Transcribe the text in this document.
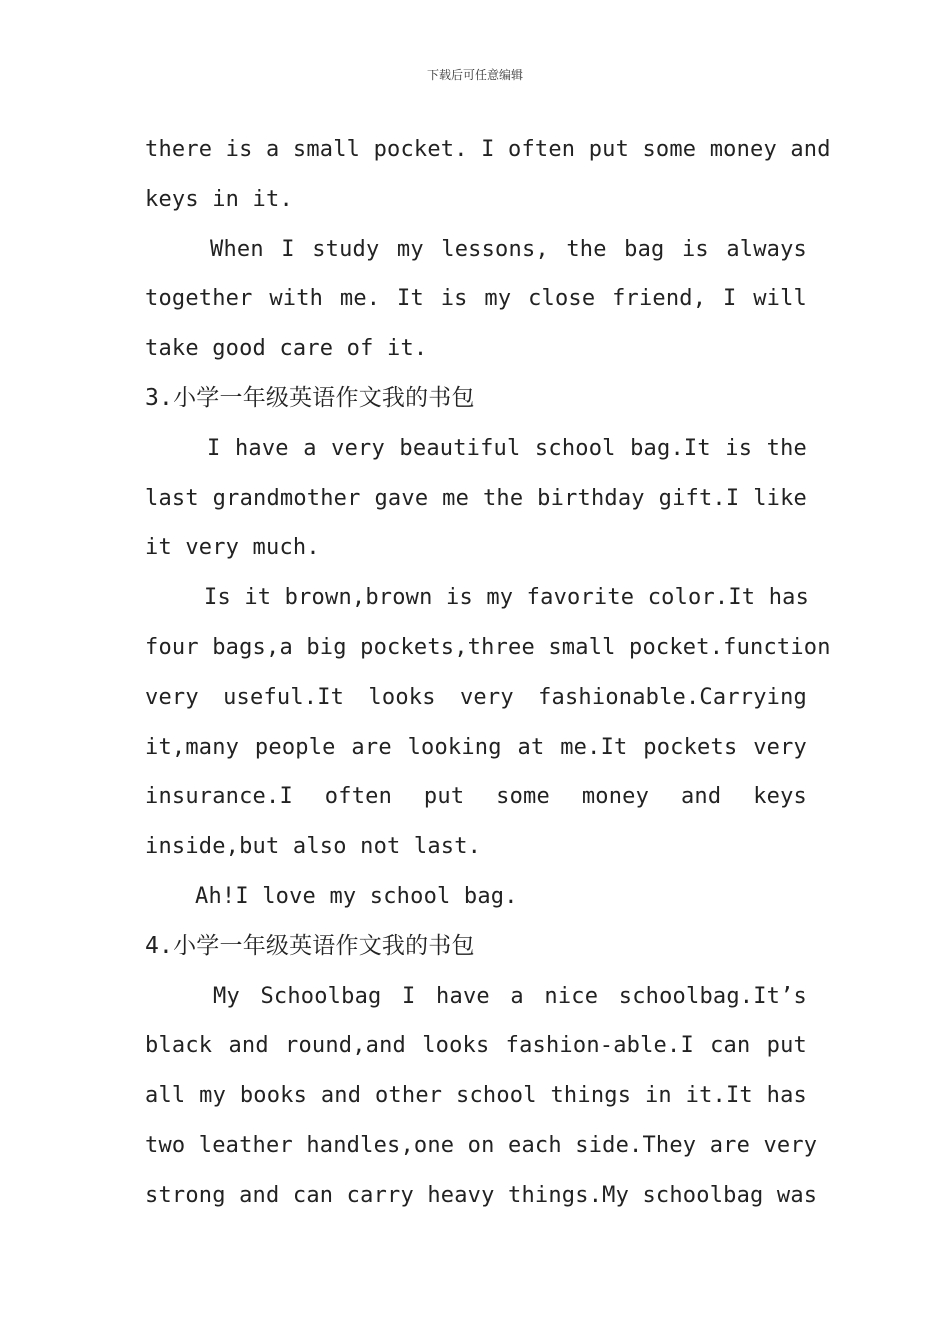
下载后可任意编辑
there is a small pocket. I often put some money and
keys in it.
When I study my lessons, the bag is always
together with me. It is my close friend, I will
take good care of it.
3.小学一年级英语作文我的书包
I have a very beautiful school bag.It is the
last grandmother gave me the birthday gift.I like
it very much.
Is it brown,brown is my favorite color.It has
four bags,a big pockets,three small pocket.function
very useful.It looks very fashionable.Carrying
it,many people are looking at me.It pockets very
insurance.I often put some money and keys
inside,but also not last.
Ah!I love my school bag.
4.小学一年级英语作文我的书包
My Schoolbag I have a nice schoolbag.It’s
black and round,and looks fashion-able.I can put
all my books and other school things in it.It has
two leather handles,one on each side.They are very
strong and can carry heavy things.My schoolbag was
